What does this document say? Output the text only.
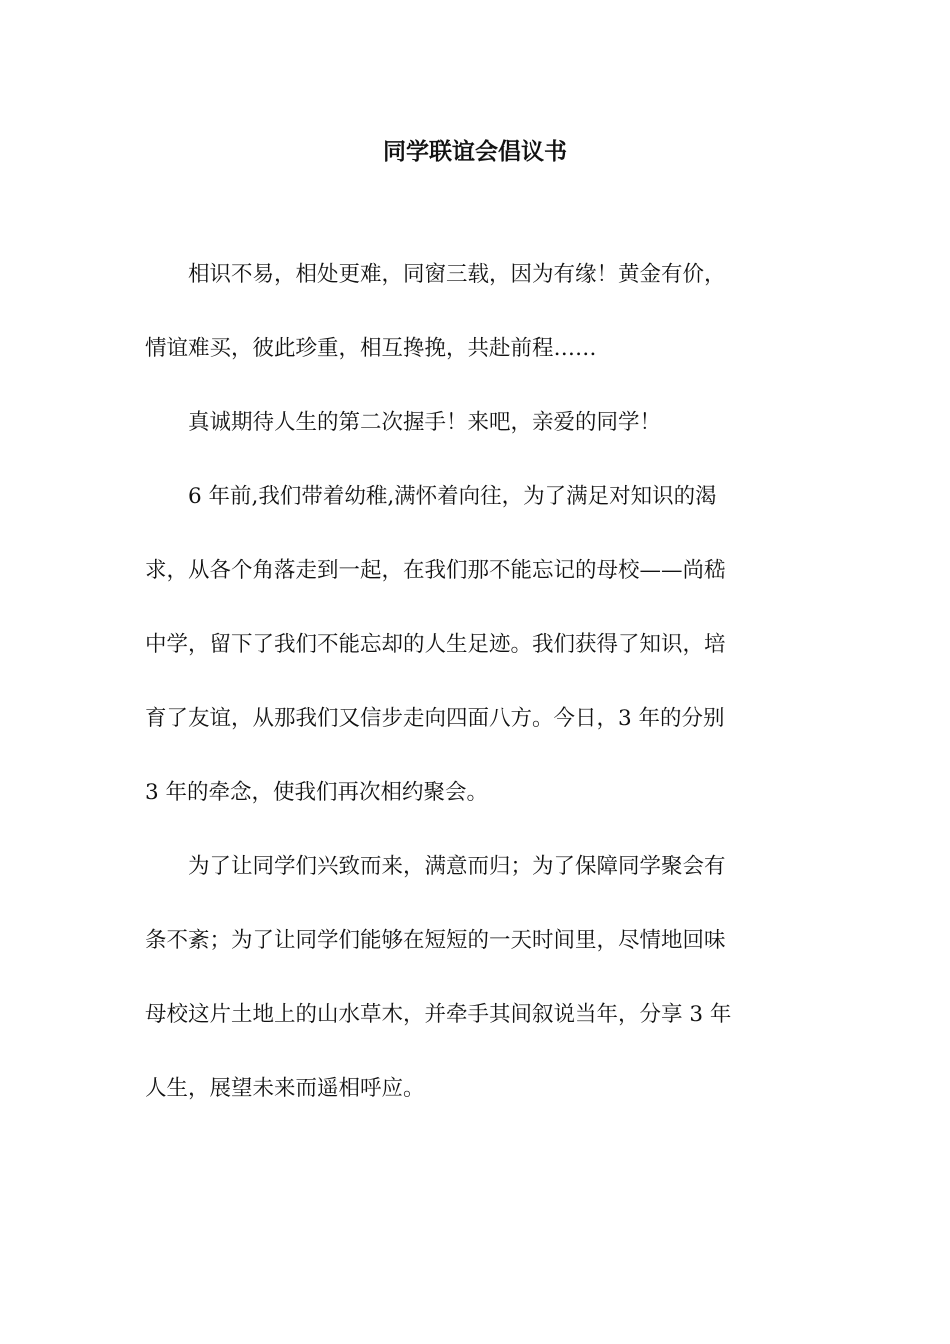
同学联谊会倡议书
相识不易，相处更难，同窗三载，因为有缘！黄金有价，
情谊难买，彼此珍重，相互搀挽，共赴前程……
真诚期待人生的第二次握手！来吧，亲爱的同学！
6 年前,我们带着幼稚,满怀着向往，为了满足对知识的渴
求，从各个角落走到一起，在我们那不能忘记的母校——尚嵇
中学，留下了我们不能忘却的人生足迹。我们获得了知识，培
育了友谊，从那我们又信步走向四面八方。今日，3 年的分别
3 年的牵念，使我们再次相约聚会。
为了让同学们兴致而来，满意而归；为了保障同学聚会有
条不紊；为了让同学们能够在短短的一天时间里，尽情地回味
母校这片土地上的山水草木，并牵手其间叙说当年，分享 3 年
人生，展望未来而遥相呼应。
